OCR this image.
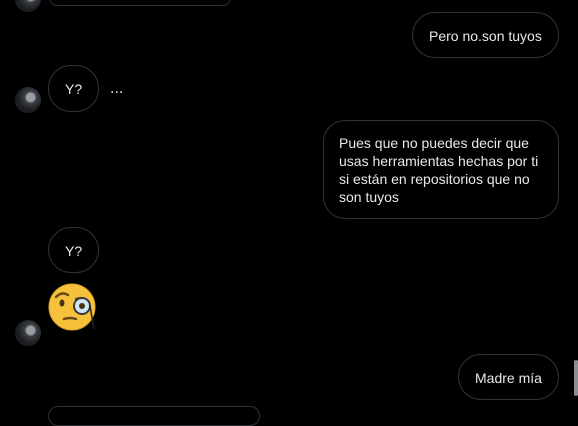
Pero no.son tuyos
Y?	...
Pues que no puedes decir que usas herramientas hechas por ti si están en repositorios que no son tuyos
Y?
Madre mía
